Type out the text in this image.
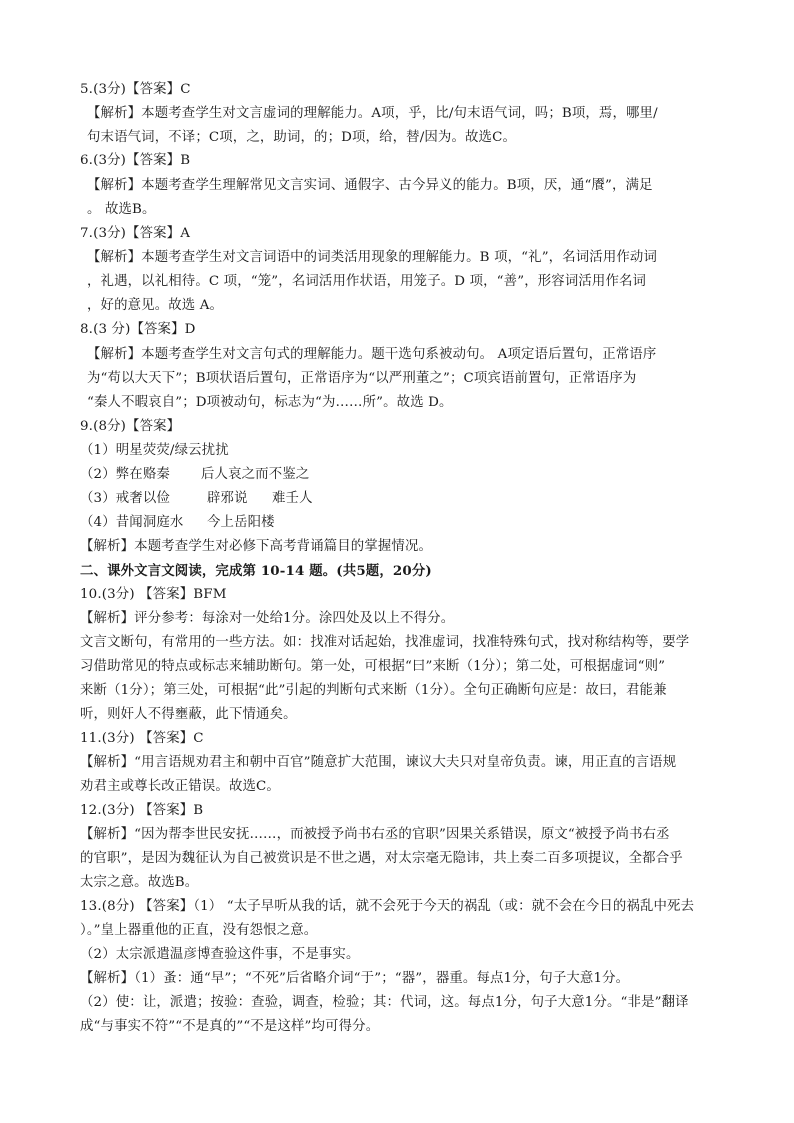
5.(3分)【答案】C
【解析】本题考查学生对文言虚词的理解能力。A项，乎，比/句末语气词，吗；B项，焉，哪里/
句末语气词，不译；C项，之，助词，的；D项，给，替/因为。故选C。
6.(3分)【答案】B
【解析】本题考查学生理解常见文言实词、通假字、古今异义的能力。B项，厌，通“餍”，满足
。 故选B。
7.(3分)【答案】A
【解析】本题考查学生对文言词语中的词类活用现象的理解能力。B 项，“礼”，名词活用作动词
，礼遇，以礼相待。C 项，“笼”，名词活用作状语，用笼子。D 项，“善”，形容词活用作名词
，好的意见。故选 A。
8.(3 分)【答案】D
【解析】本题考查学生对文言句式的理解能力。题干选句系被动句。 A项定语后置句，正常语序
为“苟以大天下”；B项状语后置句，正常语序为“以严刑董之”；C项宾语前置句，正常语序为
“秦人不暇哀自”；D项被动句，标志为“为……所”。故选 D。
9.(8分)【答案】
（1）明星荧荧/绿云扰扰
（2）弊在赂秦 后人哀之而不鉴之
（3）戒奢以俭	辟邪说 难壬人
（4）昔闻洞庭水 今上岳阳楼
【解析】本题考查学生对必修下高考背诵篇目的掌握情况。
二、课外文言文阅读，完成第 10-14 题。(共5题，20分)
10.(3分) 【答案】BFM
【解析】评分参考：每涂对一处给1分。涂四处及以上不得分。
文言文断句，有常用的一些方法。如：找准对话起始，找准虚词，找准特殊句式，找对称结构等，要学
习借助常见的特点或标志来辅助断句。第一处，可根据“曰”来断（1分）；第二处，可根据虚词“则”
来断（1分）；第三处，可根据“此”引起的判断句式来断（1分）。全句正确断句应是：故曰，君能兼
听，则奸人不得壅蔽，此下情通矣。
11.(3分) 【答案】C
【解析】“用言语规劝君主和朝中百官”随意扩大范围，谏议大夫只对皇帝负责。谏，用正直的言语规
劝君主或尊长改正错误。故选C。
12.(3分) 【答案】B
【解析】“因为帮李世民安抚……，而被授予尚书右丞的官职”因果关系错误，原文“被授予尚书右丞
的官职”，是因为魏征认为自己被赏识是不世之遇，对太宗毫无隐讳，共上奏二百多项提议，全都合乎
太宗之意。故选B。
13.(8分) 【答案】（1） “太子早听从我的话，就不会死于今天的祸乱（或：就不会在今日的祸乱中死去
）。”皇上器重他的正直，没有怨恨之意。
（2）太宗派遣温彦博查验这件事，不是事实。
【解析】（1）蚤：通“早”；“不死”后省略介词“于”；“器”，器重。每点1分，句子大意1分。
（2）使：让，派遣；按验：查验，调查，检验；其：代词，这。每点1分，句子大意1分。“非是”翻译
成“与事实不符”“不是真的”“不是这样”均可得分。
